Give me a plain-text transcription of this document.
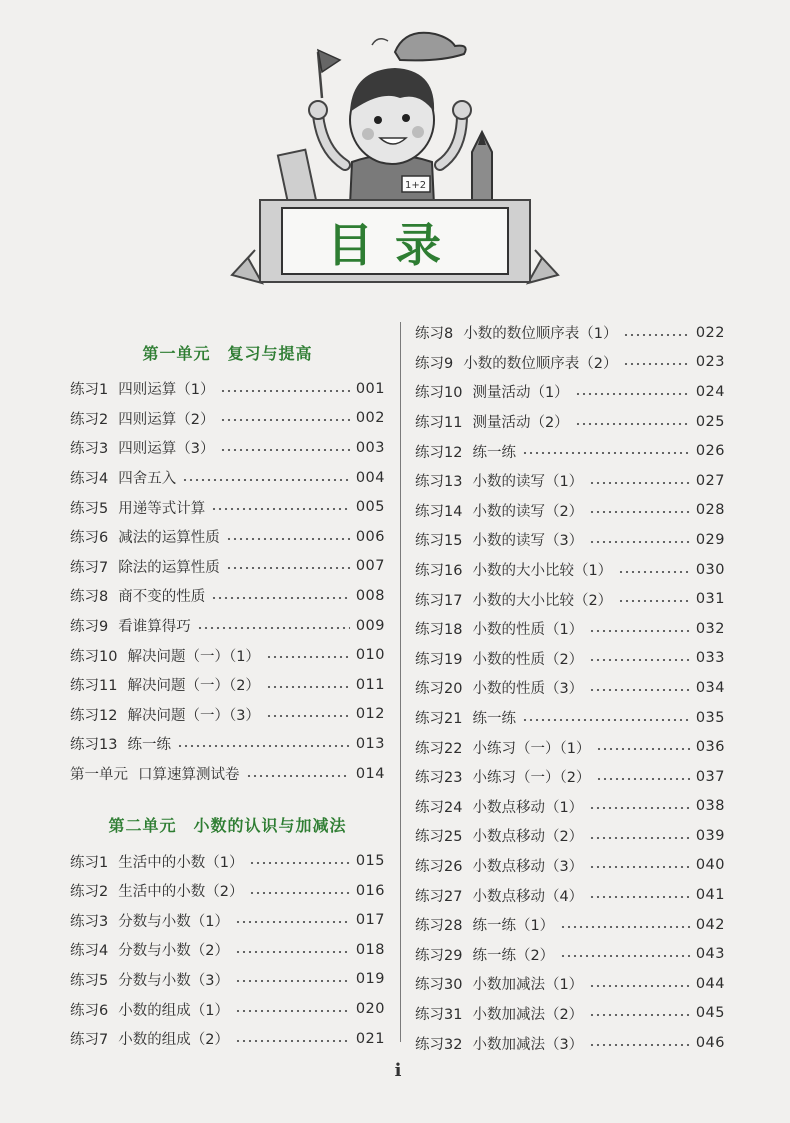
1+2
目录
第一单元　复习与提高
练习1 四则运算（1）	001
练习2 四则运算（2）	002
练习3 四则运算（3）	003
练习4 四舍五入	004
练习5 用递等式计算	005
练习6 减法的运算性质	006
练习7 除法的运算性质	007
练习8 商不变的性质	008
练习9 看谁算得巧	009
练习10 解决问题（一）（1）	010
练习11 解决问题（一）（2）	011
练习12 解决问题（一）（3）	012
练习13 练一练	013
第一单元 口算速算测试卷	014
第二单元　小数的认识与加减法
练习1 生活中的小数（1）	015
练习2 生活中的小数（2）	016
练习3 分数与小数（1）	017
练习4 分数与小数（2）	018
练习5 分数与小数（3）	019
练习6 小数的组成（1）	020
练习7 小数的组成（2）	021
练习8 小数的数位顺序表（1）	022
练习9 小数的数位顺序表（2）	023
练习10 测量活动（1）	024
练习11 测量活动（2）	025
练习12 练一练	026
练习13 小数的读写（1）	027
练习14 小数的读写（2）	028
练习15 小数的读写（3）	029
练习16 小数的大小比较（1）	030
练习17 小数的大小比较（2）	031
练习18 小数的性质（1）	032
练习19 小数的性质（2）	033
练习20 小数的性质（3）	034
练习21 练一练	035
练习22 小练习（一）（1）	036
练习23 小练习（一）（2）	037
练习24 小数点移动（1）	038
练习25 小数点移动（2）	039
练习26 小数点移动（3）	040
练习27 小数点移动（4）	041
练习28 练一练（1）	042
练习29 练一练（2）	043
练习30 小数加减法（1）	044
练习31 小数加减法（2）	045
练习32 小数加减法（3）	046
i
